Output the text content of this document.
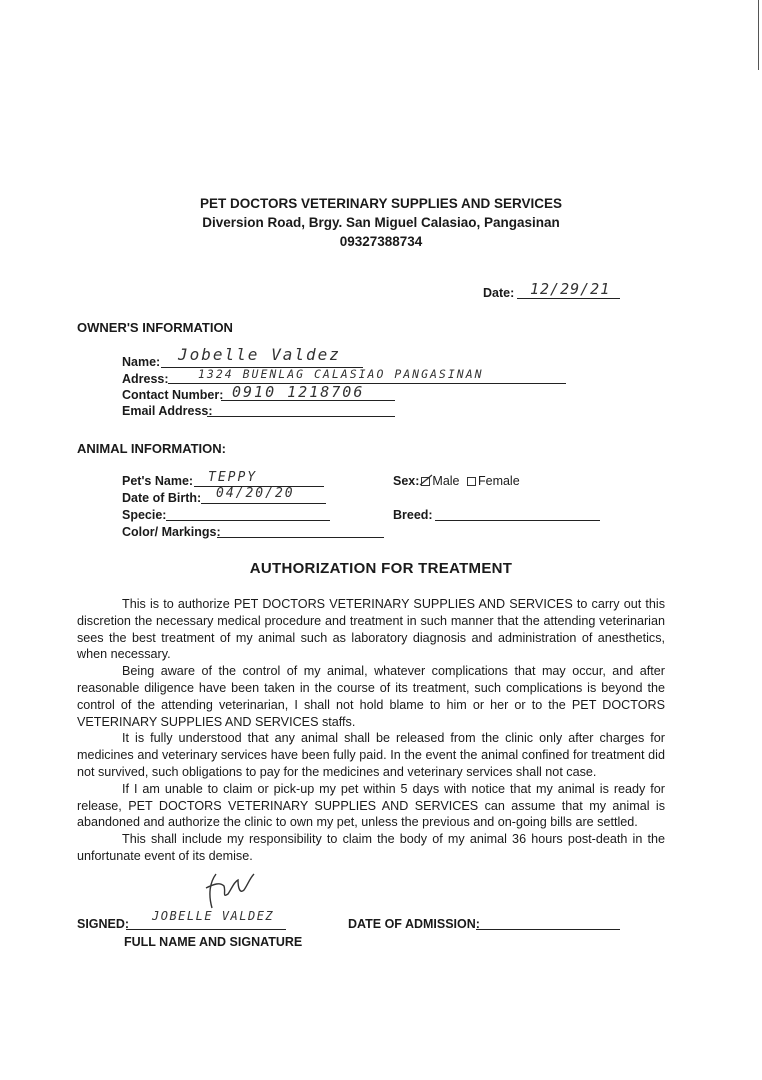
PET DOCTORS VETERINARY SUPPLIES AND SERVICES
Diversion Road, Brgy. San Miguel Calasiao, Pangasinan
09327388734
Date: 12/29/21
OWNER'S INFORMATION
Name: Jobelle Valdez
Adress:	1324 BUENLAG CALASIAO PANGASINAN
Contact Number: 0910 1218706
Email Address:
ANIMAL INFORMATION:
Pet's Name: TEPPY
Date of Birth: 04/20/20
Specie:
Color/ Markings:
Sex: Male Female
Breed:
AUTHORIZATION FOR TREATMENT

This is to authorize PET DOCTORS VETERINARY SUPPLIES AND SERVICES to carry out this discretion the necessary medical procedure and treatment in such manner that the attending veterinarian sees the best treatment of my animal such as laboratory diagnosis and administration of anesthetics, when necessary.

Being aware of the control of my animal, whatever complications that may occur, and after reasonable diligence have been taken in the course of its treatment, such complications is beyond the control of the attending veterinarian, I shall not hold blame to him or her or to the PET DOCTORS VETERINARY SUPPLIES AND SERVICES staffs.

It is fully understood that any animal shall be released from the clinic only after charges for medicines and veterinary services have been fully paid. In the event the animal confined for treatment did not survived, such obligations to pay for the medicines and veterinary services shall not case.

If I am unable to claim or pick-up my pet within 5 days with notice that my animal is ready for release, PET DOCTORS VETERINARY SUPPLIES AND SERVICES can assume that my animal is abandoned and authorize the clinic to own my pet, unless the previous and on-going bills are settled.

This shall include my responsibility to claim the body of my animal 36 hours post-death in the unfortunate event of its demise.

SIGNED:
JOBELLE VALDEZ
FULL NAME AND SIGNATURE
DATE OF ADMISSION:
